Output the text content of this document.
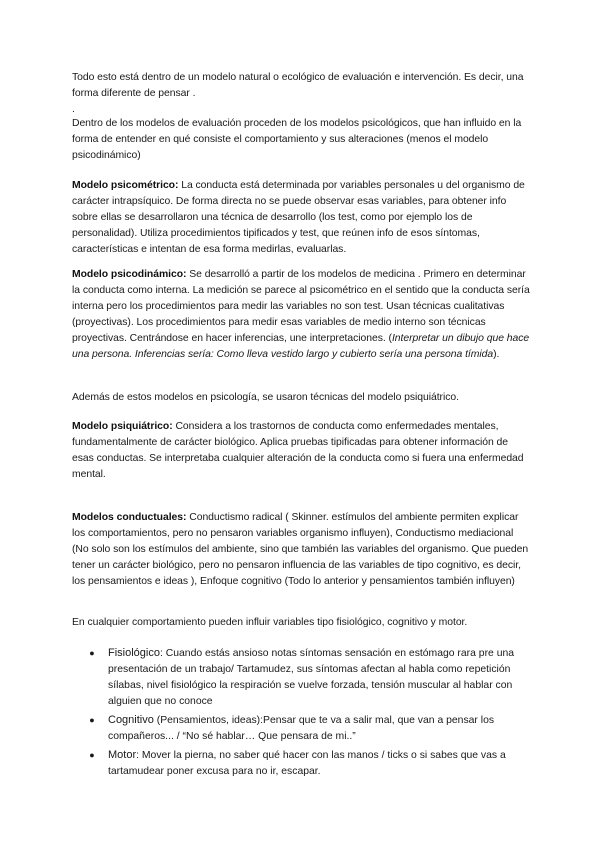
Todo esto está dentro de un modelo natural o ecológico de evaluación e intervención. Es decir, una forma diferente de pensar .

.

Dentro de los modelos de evaluación proceden de los modelos psicológicos, que han influido en la forma de entender en qué consiste el comportamiento y sus alteraciones (menos el modelo psicodinámico)

Modelo psicométrico: La conducta está determinada por variables personales u del organismo de carácter intrapsíquico. De forma directa no se puede observar esas variables, para obtener info sobre ellas se desarrollaron una técnica de desarrollo (los test, como por ejemplo los de personalidad). Utiliza procedimientos tipificados y test, que reúnen info de esos síntomas, características e intentan de esa forma medirlas, evaluarlas.

Modelo psicodinámico: Se desarrolló a partir de los modelos de medicina . Primero en determinar la conducta como interna. La medición se parece al psicométrico en el sentido que la conducta sería interna pero los procedimientos para medir las variables no son test. Usan técnicas cualitativas (proyectivas). Los procedimientos para medir esas variables de medio interno son técnicas proyectivas. Centrándose en hacer inferencias, une interpretaciones. (Interpretar un dibujo que hace una persona. Inferencias sería: Como lleva vestido largo y cubierto sería una persona tímida).

Además de estos modelos en psicología, se usaron técnicas del modelo psiquiátrico.

Modelo psiquiátrico: Considera a los trastornos de conducta como enfermedades mentales, fundamentalmente de carácter biológico. Aplica pruebas tipificadas para obtener información de esas conductas. Se interpretaba cualquier alteración de la conducta como si fuera una enfermedad mental.

Modelos conductuales: Conductismo radical ( Skinner. estímulos del ambiente permiten explicar los comportamientos, pero no pensaron variables organismo influyen), Conductismo mediacional (No solo son los estímulos del ambiente, sino que también las variables del organismo. Que pueden tener un carácter biológico, pero no pensaron influencia de las variables de tipo cognitivo, es decir, los pensamientos e ideas ), Enfoque cognitivo (Todo lo anterior y pensamientos también influyen)

En cualquier comportamiento pueden influir variables tipo fisiológico, cognitivo y motor.

● Fisiológico: Cuando estás ansioso notas síntomas sensación en estómago rara pre una presentación de un trabajo/ Tartamudez, sus síntomas afectan al habla como repetición sílabas, nivel fisiológico la respiración se vuelve forzada, tensión muscular al hablar con alguien que no conoce
● Cognitivo (Pensamientos, ideas):Pensar que te va a salir mal, que van a pensar los compañeros... / “No sé hablar… Que pensara de mi..”
● Motor: Mover la pierna, no saber qué hacer con las manos / ticks o si sabes que vas a tartamudear poner excusa para no ir, escapar.
